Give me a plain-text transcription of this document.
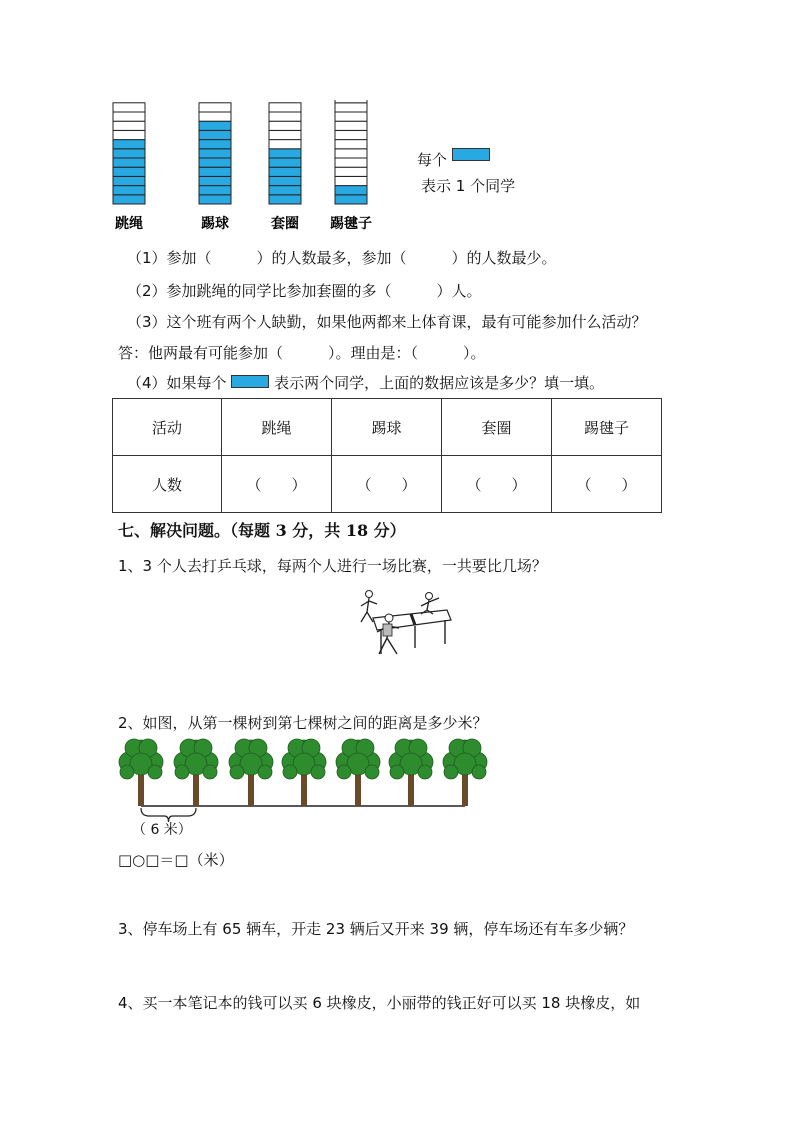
跳绳	踢球	套圈 踢毽子
每个
表示 1 个同学
（1）参加（　　　）的人数最多，参加（　　　）的人数最少。
（2）参加跳绳的同学比参加套圈的多（　　　）人。
（3）这个班有两个人缺勤，如果他两都来上体育课，最有可能参加什么活动？
答：他两最有可能参加（　　　）。理由是：（　　　）。
（4）如果每个	表示两个同学，上面的数据应该是多少？填一填。
活动	跳绳	踢球	套圈	踢毽子
人数	（　　）	（　　）	（　　）	（　　）
七、解决问题。（每题 3 分，共 18 分）
1、3 个人去打乒乓球，每两个人进行一场比赛，一共要比几场？
2、如图，从第一棵树到第七棵树之间的距离是多少米？
（ 6 米）
□○□＝□（米）
3、停车场上有 65 辆车，开走 23 辆后又开来 39 辆，停车场还有车多少辆？
4、买一本笔记本的钱可以买 6 块橡皮，小丽带的钱正好可以买 18 块橡皮，如
